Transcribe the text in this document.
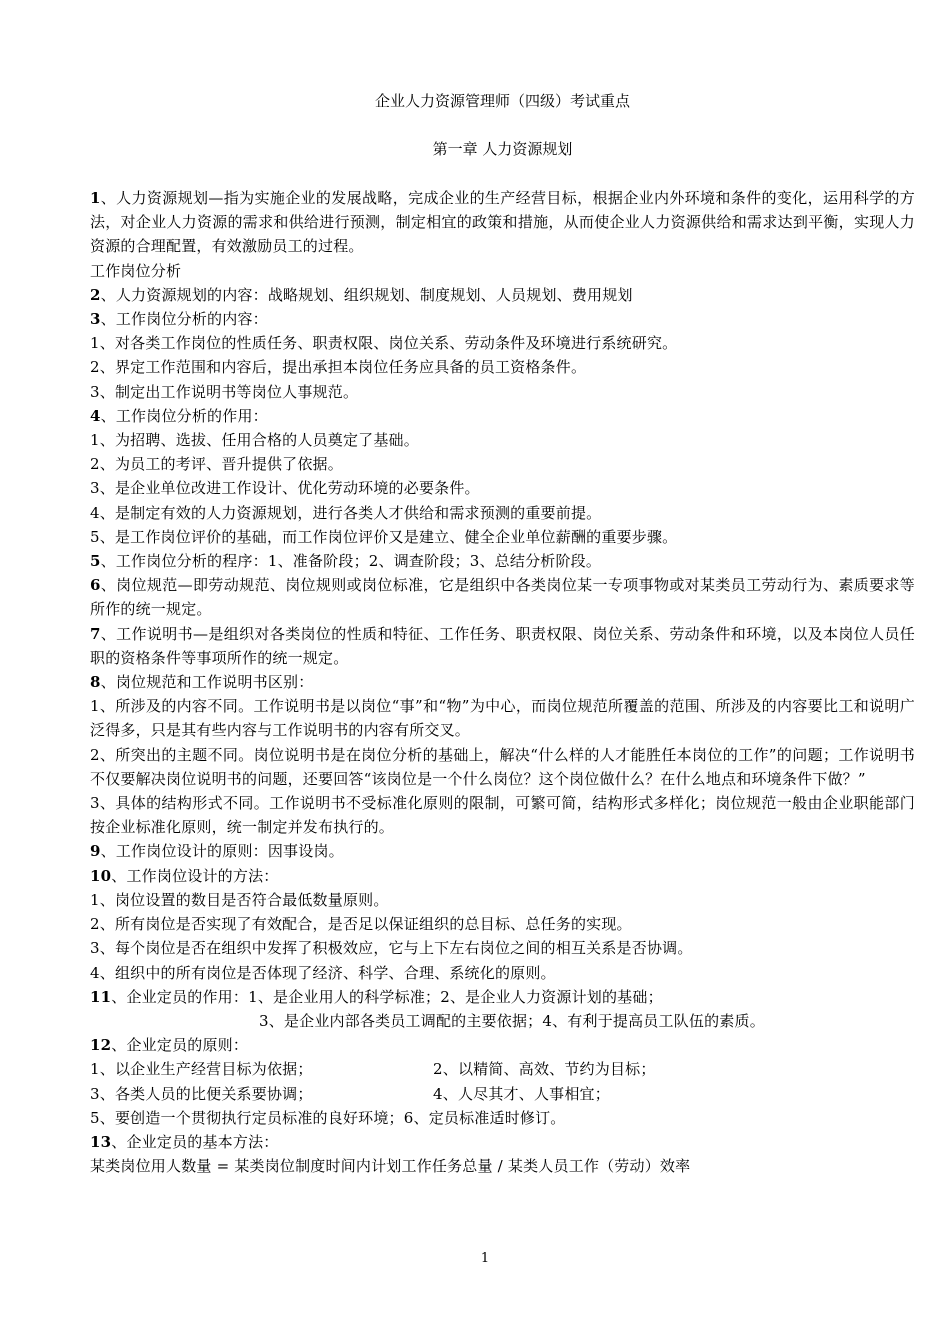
企业人力资源管理师（四级）考试重点
第一章 人力资源规划

1、人力资源规划—指为实施企业的发展战略，完成企业的生产经营目标，根据企业内外环境和条件的变化，运用科学的方法，对企业人力资源的需求和供给进行预测，制定相宜的政策和措施，从而使企业人力资源供给和需求达到平衡，实现人力资源的合理配置，有效激励员工的过程。

工作岗位分析

2、人力资源规划的内容：战略规划、组织规划、制度规划、人员规划、费用规划

3、工作岗位分析的内容：

1、对各类工作岗位的性质任务、职责权限、岗位关系、劳动条件及环境进行系统研究。

2、界定工作范围和内容后，提出承担本岗位任务应具备的员工资格条件。

3、制定出工作说明书等岗位人事规范。

4、工作岗位分析的作用：

1、为招聘、选拔、任用合格的人员奠定了基础。

2、为员工的考评、晋升提供了依据。

3、是企业单位改进工作设计、优化劳动环境的必要条件。

4、是制定有效的人力资源规划，进行各类人才供给和需求预测的重要前提。

5、是工作岗位评价的基础，而工作岗位评价又是建立、健全企业单位薪酬的重要步骤。

5、工作岗位分析的程序：1、准备阶段；2、调查阶段；3、总结分析阶段。

6、岗位规范—即劳动规范、岗位规则或岗位标准，它是组织中各类岗位某一专项事物或对某类员工劳动行为、素质要求等所作的统一规定。

7、工作说明书—是组织对各类岗位的性质和特征、工作任务、职责权限、岗位关系、劳动条件和环境，以及本岗位人员任职的资格条件等事项所作的统一规定。

8、岗位规范和工作说明书区别：

1、所涉及的内容不同。工作说明书是以岗位“事”和“物”为中心，而岗位规范所覆盖的范围、所涉及的内容要比工和说明广泛得多，只是其有些内容与工作说明书的内容有所交叉。

2、所突出的主题不同。岗位说明书是在岗位分析的基础上，解决“什么样的人才能胜任本岗位的工作”的问题；工作说明书不仅要解决岗位说明书的问题，还要回答“该岗位是一个什么岗位？这个岗位做什么？在什么地点和环境条件下做？”

3、具体的结构形式不同。工作说明书不受标准化原则的限制，可繁可简，结构形式多样化；岗位规范一般由企业职能部门按企业标准化原则，统一制定并发布执行的。

9、工作岗位设计的原则：因事设岗。

10、工作岗位设计的方法：

1、岗位设置的数目是否符合最低数量原则。

2、所有岗位是否实现了有效配合，是否足以保证组织的总目标、总任务的实现。

3、每个岗位是否在组织中发挥了积极效应，它与上下左右岗位之间的相互关系是否协调。

4、组织中的所有岗位是否体现了经济、科学、合理、系统化的原则。

11、企业定员的作用：1、是企业用人的科学标准；2、是企业人力资源计划的基础；

3、是企业内部各类员工调配的主要依据；4、有利于提高员工队伍的素质。

12、企业定员的原则：

1、以企业生产经营目标为依据；	2、以精简、高效、节约为目标；
3、各类人员的比便关系要协调；	4、人尽其才、人事相宜；

5、要创造一个贯彻执行定员标准的良好环境；6、定员标准适时修订。

13、企业定员的基本方法：

某类岗位用人数量 = 某类岗位制度时间内计划工作任务总量 / 某类人员工作（劳动）效率

1
